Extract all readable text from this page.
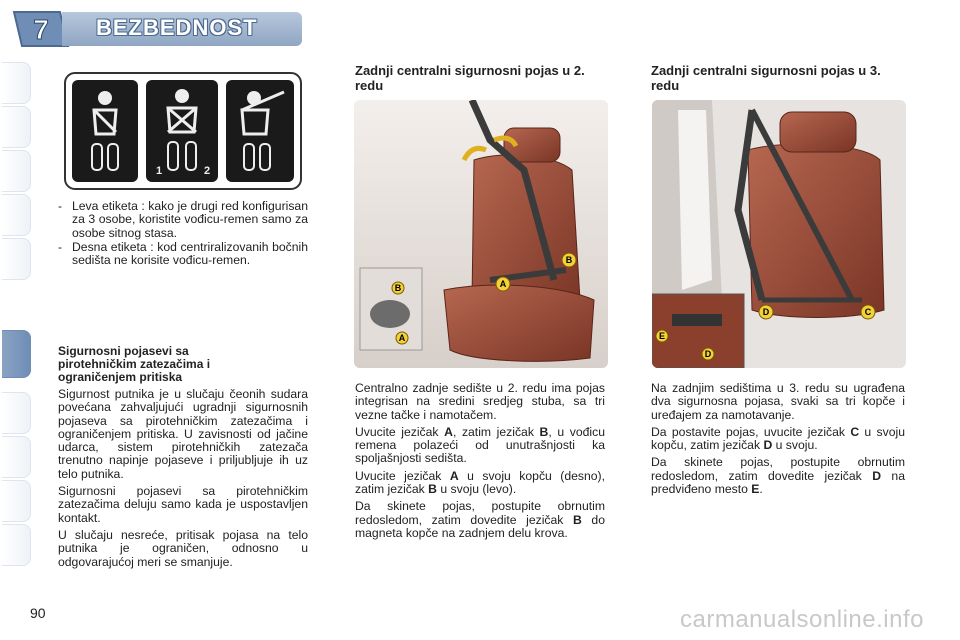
7 BEZBEDNOST
1	2
- Leva etiketa : kako je drugi red konfigurisan za 3 osobe, koristite vođicu-remen samo za osobe sitnog stasa.
- Desna etiketa : kod centriralizovanih bočnih sedišta ne korisite vođicu-remen.
Sigurnosni pojasevi sa pirotehničkim zatezačima i ograničenjem pritiska

Sigurnost putnika je u slučaju čeonih sudara povećana zahvaljujući ugradnji sigurnosnih pojaseva sa pirotehničkim zatezačima i ograničenjem pritiska. U zavisnosti od jačine udarca, sistem pirotehničkih zatezača trenutno napinje pojaseve i priljubljuje ih uz telo putnika.

Sigurnosni pojasevi sa pirotehničkim zatezačima deluju samo kada je uspostavljen kontakt.

U slučaju nesreće, pritisak pojasa na telo putnika je ograničen, odnosno u odgovarajućoj meri se smanjuje.

Zadnji centralni sigurnosni pojas u 2. redu
A
B
B
A

Centralno zadnje sedište u 2. redu ima pojas integrisan na sredini sredjeg stuba, sa tri vezne tačke i namotačem.

Uvucite jezičak A, zatim jezičak B, u vođicu remena polazeći od unutrašnjosti ka spoljašnjosti sedišta.

Uvucite jezičak A u svoju kopču (desno), zatim jezičak B u svoju (levo).

Da skinete pojas, postupite obrnutim redosledom, zatim dovedite jezičak B do magneta kopče na zadnjem delu krova.

Zadnji centralni sigurnosni pojas u 3. redu
C
D
D
E

Na zadnjim sedištima u 3. redu su ugrađena dva sigurnosna pojasa, svaki sa tri kopče i uređajem za namotavanje.

Da postavite pojas, uvucite jezičak C u svoju kopču, zatim jezičak D u svoju.

Da skinete pojas, postupite obrnutim redosledom, zatim dovedite jezičak D na predviđeno mesto E.

90	carmanualsonline.info
